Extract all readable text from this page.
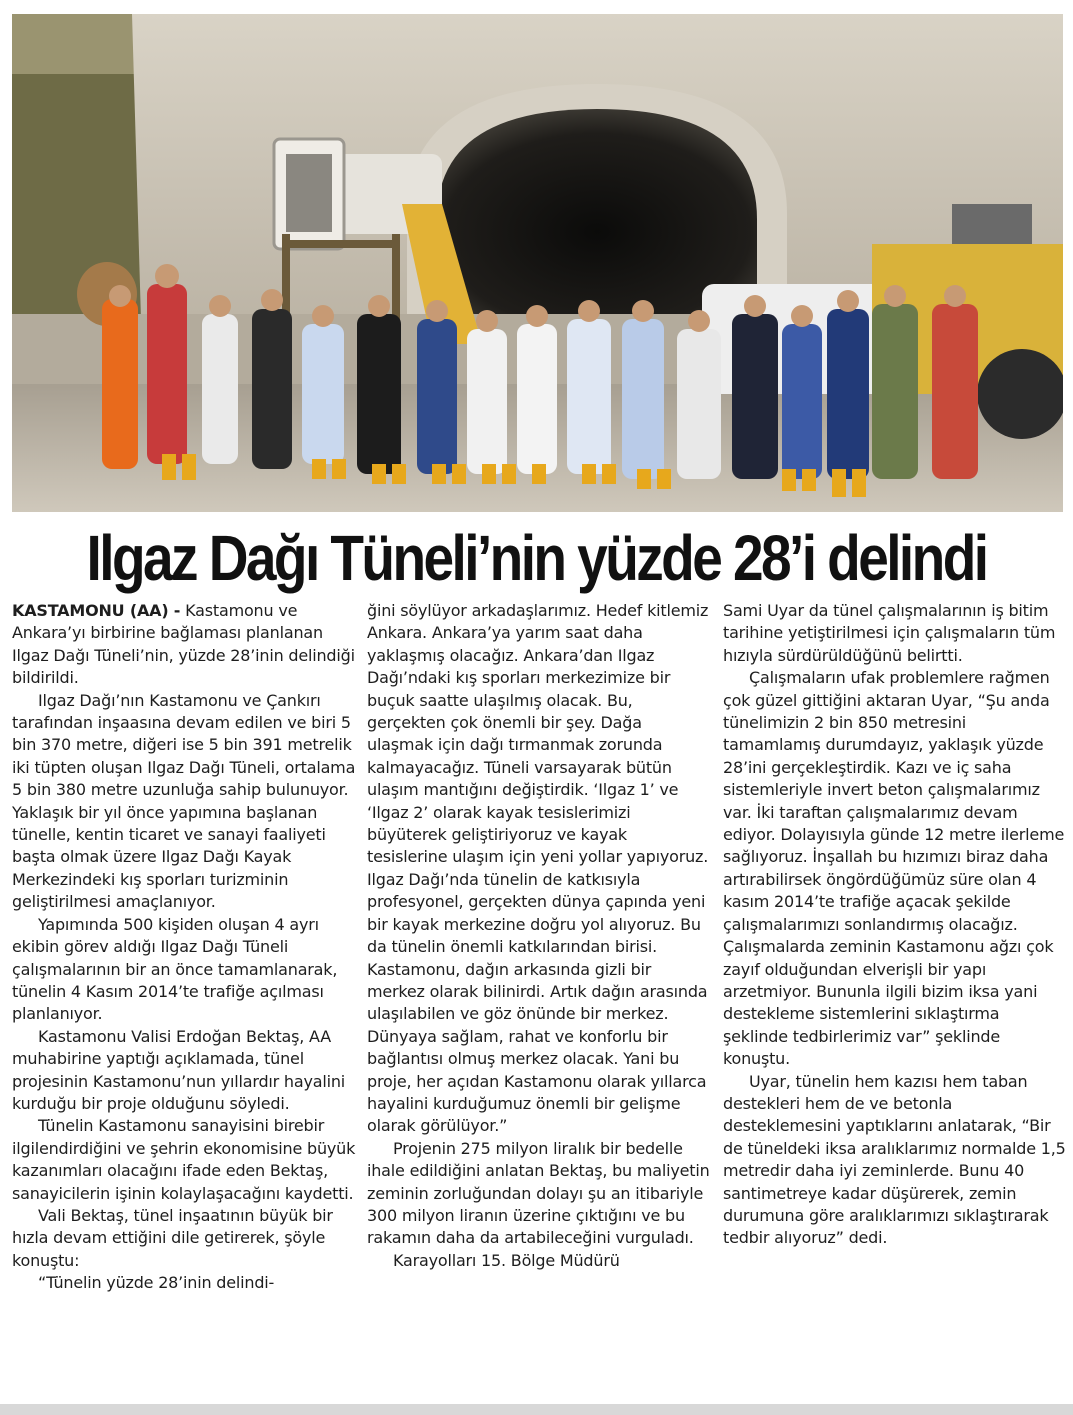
Ilgaz Dağı Tüneli’nin yüzde 28’i delindi

KASTAMONU (AA) - Kastamonu ve Ankara’yı birbirine bağlaması planlanan Ilgaz Dağı Tüneli’nin, yüzde 28’inin delindiği bildirildi.

Ilgaz Dağı’nın Kastamonu ve Çankırı tarafından inşaasına devam edilen ve biri 5 bin 370 metre, diğeri ise 5 bin 391 metrelik iki tüpten oluşan Ilgaz Dağı Tüneli, ortalama 5 bin 380 metre uzunluğa sahip bulunuyor. Yaklaşık bir yıl önce yapımına başlanan tünelle, kentin ticaret ve sanayi faaliyeti başta olmak üzere Ilgaz Dağı Kayak Merkezindeki kış sporları turizminin geliştirilmesi amaçlanıyor.

Yapımında 500 kişiden oluşan 4 ayrı ekibin görev aldığı Ilgaz Dağı Tüneli çalışmalarının bir an önce tamamlanarak, tünelin 4 Kasım 2014’te trafiğe açılması planlanıyor.

Kastamonu Valisi Erdoğan Bektaş, AA muhabirine yaptığı açıklamada, tünel projesinin Kastamonu’nun yıllardır hayalini kurduğu bir proje olduğunu söyledi.

Tünelin Kastamonu sanayisini birebir ilgilendirdiğini ve şehrin ekonomisine büyük kazanımları olacağını ifade eden Bektaş, sanayicilerin işinin kolaylaşacağını kaydetti.

Vali Bektaş, tünel inşaatının büyük bir hızla devam ettiğini dile getirerek, şöyle konuştu:

“Tünelin yüzde 28’inin delindi-

ğini söylüyor arkadaşlarımız. Hedef kitlemiz Ankara. Ankara’ya yarım saat daha yaklaşmış olacağız. Ankara’dan Ilgaz Dağı’ndaki kış sporları merkezimize bir buçuk saatte ulaşılmış olacak. Bu, gerçekten çok önemli bir şey. Dağa ulaşmak için dağı tırmanmak zorunda kalmayacağız. Tüneli varsayarak bütün ulaşım mantığını değiştirdik. ‘Ilgaz 1’ ve ‘Ilgaz 2’ olarak kayak tesislerimizi büyüterek geliştiriyoruz ve kayak tesislerine ulaşım için yeni yollar yapıyoruz. Ilgaz Dağı’nda tünelin de katkısıyla profesyonel, gerçekten dünya çapında yeni bir kayak merkezine doğru yol alıyoruz. Bu da tünelin önemli katkılarından birisi. Kastamonu, dağın arkasında gizli bir merkez olarak bilinirdi. Artık dağın arasında ulaşılabilen ve göz önünde bir merkez. Dünyaya sağlam, rahat ve konforlu bir bağlantısı olmuş merkez olacak. Yani bu proje, her açıdan Kastamonu olarak yıllarca hayalini kurduğumuz önemli bir gelişme olarak görülüyor.”

Projenin 275 milyon liralık bir bedelle ihale edildiğini anlatan Bektaş, bu maliyetin zeminin zorluğundan dolayı şu an itibariyle 300 milyon liranın üzerine çıktığını ve bu rakamın daha da artabileceğini vurguladı.

Karayolları 15. Bölge Müdürü

Sami Uyar da tünel çalışmalarının iş bitim tarihine yetiştirilmesi için çalışmaların tüm hızıyla sürdürüldüğünü belirtti.

Çalışmaların ufak problemlere rağmen çok güzel gittiğini aktaran Uyar, “Şu anda tünelimizin 2 bin 850 metresini tamamlamış durumdayız, yaklaşık yüzde 28’ini gerçekleştirdik. Kazı ve iç saha sistemleriyle invert beton çalışmalarımız var. İki taraftan çalışmalarımız devam ediyor. Dolayısıyla günde 12 metre ilerleme sağlıyoruz. İnşallah bu hızımızı biraz daha artırabilirsek öngördüğümüz süre olan 4 kasım 2014’te trafiğe açacak şekilde çalışmalarımızı sonlandırmış olacağız. Çalışmalarda zeminin Kastamonu ağzı çok zayıf olduğundan elverişli bir yapı arzetmiyor. Bununla ilgili bizim iksa yani destekleme sistemlerini sıklaştırma şeklinde tedbirlerimiz var” şeklinde konuştu.

Uyar, tünelin hem kazısı hem taban destekleri hem de ve betonla desteklemesini yaptıklarını anlatarak, “Bir de tüneldeki iksa aralıklarımız normalde 1,5 metredir daha iyi zeminlerde. Bunu 40 santimetreye kadar düşürerek, zemin durumuna göre aralıklarımızı sıklaştırarak tedbir alıyoruz” dedi.
